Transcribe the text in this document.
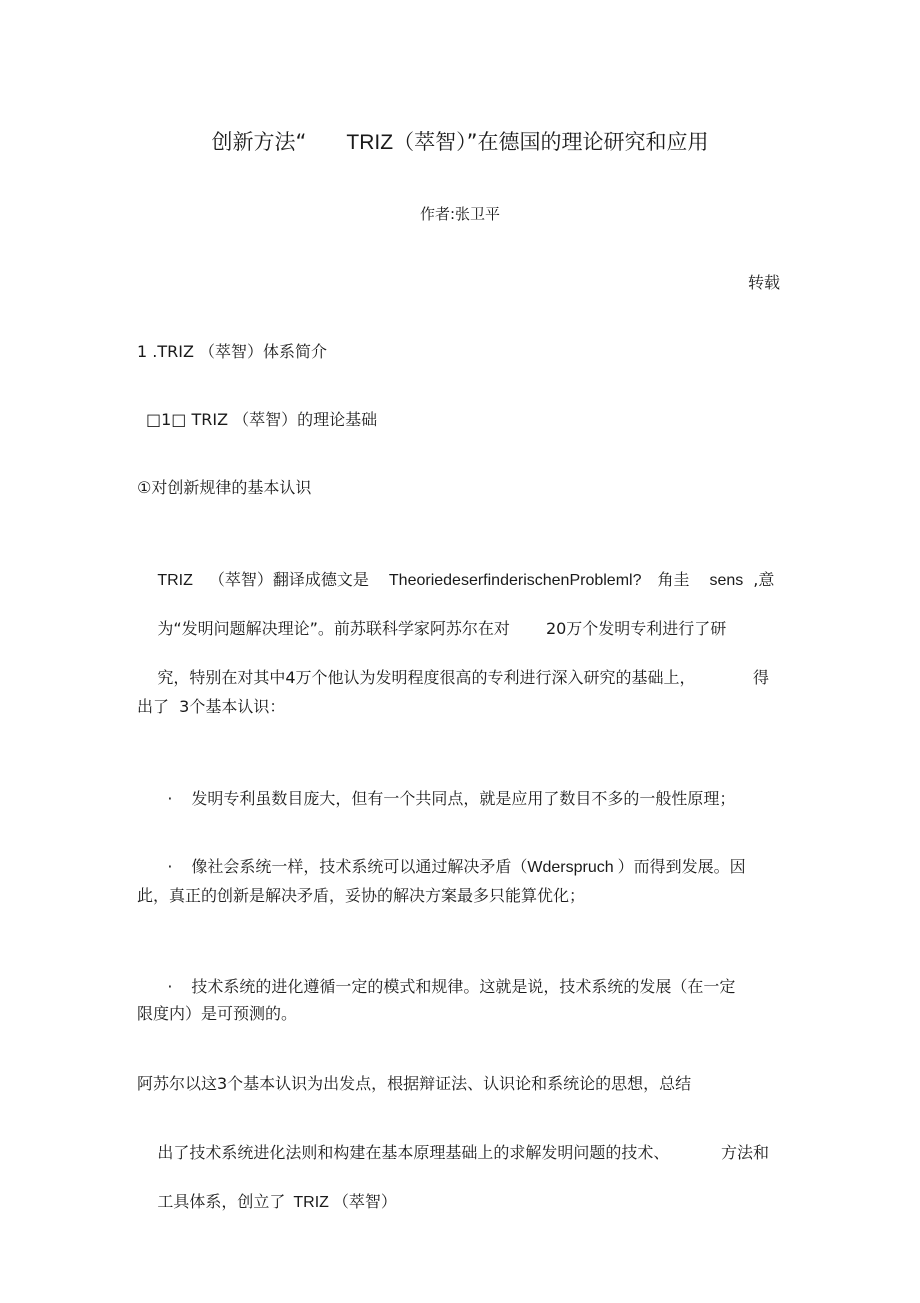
创新方法“ TRIZ（萃智）”在德国的理论研究和应用
作者:张卫平
转载
1 .TRIZ （萃智）体系简介
□1□ TRIZ （萃智）的理论基础
①对创新规律的基本认识

TRIZ （萃智）翻译成德文是 TheoriedeserfinderischenProbleml? 角圭 sens ,意

为“发明问题解决理论”。前苏联科学家阿苏尔在对 20万个发明专利进行了研

究，特别在对其中4万个他认为发明程度很高的专利进行深入研究的基础上，	得

出了  3个基本认识：

· 发明专利虽数目庞大，但有一个共同点，就是应用了数目不多的一般性原理；

· 像社会系统一样，技术系统可以通过解决矛盾（Wderspruch ）而得到发展。因

此，真正的创新是解决矛盾，妥协的解决方案最多只能算优化；

· 技术系统的进化遵循一定的模式和规律。这就是说，技术系统的发展（在一定

限度内）是可预测的。
阿苏尔以这3个基本认识为出发点，根据辩证法、认识论和系统论的思想，总结

出了技术系统进化法则和构建在基本原理基础上的求解发明问题的技术、	方法和

工具体系，创立了 TRIZ （萃智）
